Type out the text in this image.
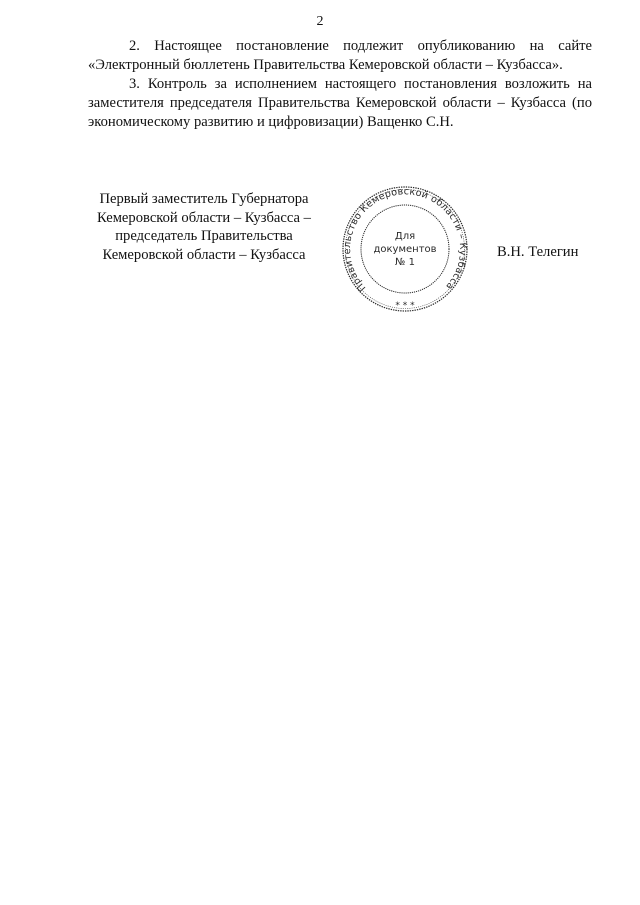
2

2. Настоящее постановление подлежит опубликованию на сайте «Электронный бюллетень Правительства Кемеровской области – Кузбасса».

3. Контроль за исполнением настоящего постановления возложить на заместителя председателя Правительства Кемеровской области – Кузбасса (по экономическому развитию и цифровизации) Ващенко С.Н.

Первый заместитель Губернатора
Кемеровской области – Кузбасса –
председатель Правительства
Кемеровской области – Кузбасса
Правительство Кемеровской области – Кузбасса
* * *
Для
документов
№ 1
В.Н. Телегин
